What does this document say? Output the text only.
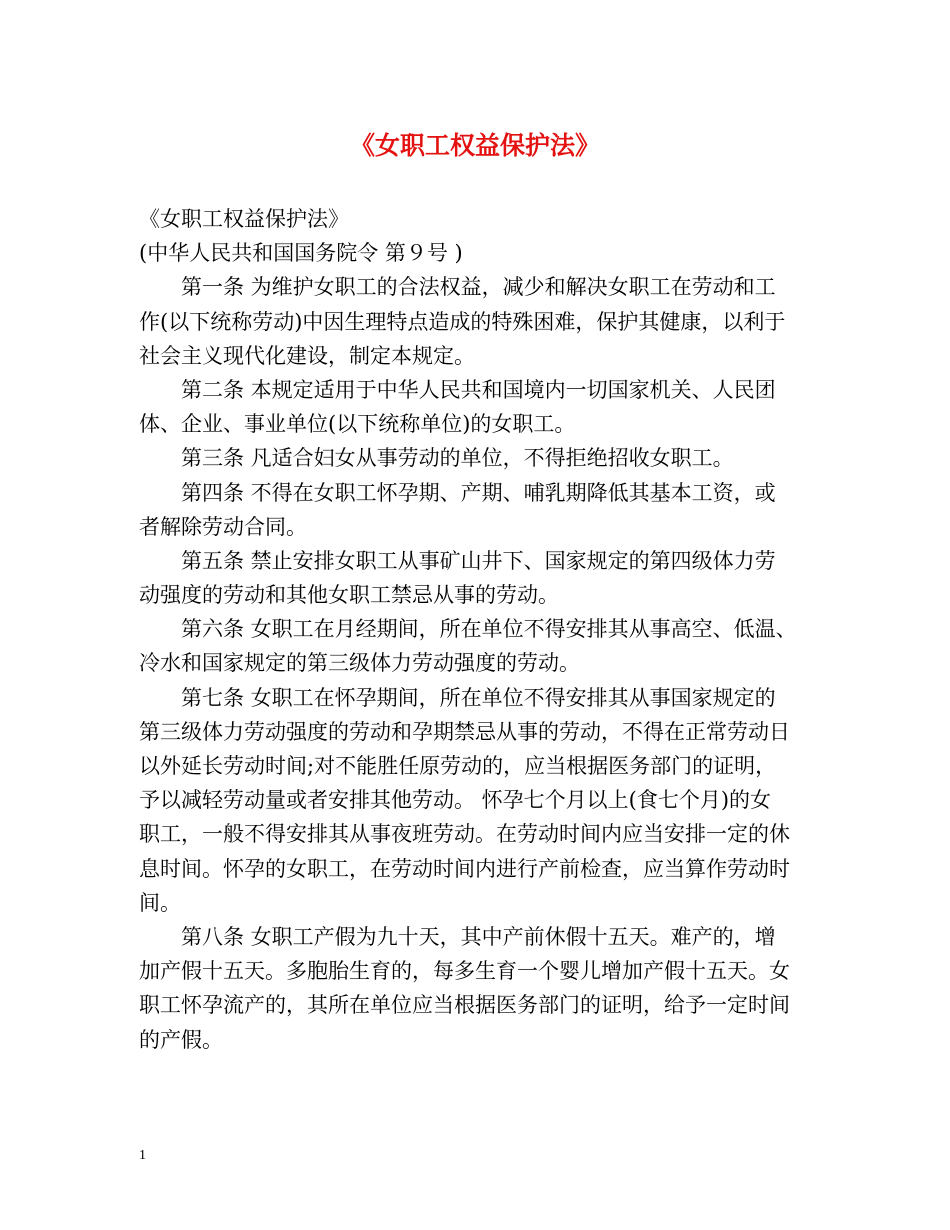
《女职工权益保护法》
《女职工权益保护法》
(中华人民共和国国务院令 第９号 )
第一条 为维护女职工的合法权益，减少和解决女职工在劳动和工
作(以下统称劳动)中因生理特点造成的特殊困难，保护其健康，以利于
社会主义现代化建设，制定本规定。
第二条 本规定适用于中华人民共和国境内一切国家机关、人民团
体、企业、事业单位(以下统称单位)的女职工。
第三条 凡适合妇女从事劳动的单位，不得拒绝招收女职工。
第四条 不得在女职工怀孕期、产期、哺乳期降低其基本工资，或
者解除劳动合同。
第五条 禁止安排女职工从事矿山井下、国家规定的第四级体力劳
动强度的劳动和其他女职工禁忌从事的劳动。
第六条 女职工在月经期间，所在单位不得安排其从事高空、低温、
冷水和国家规定的第三级体力劳动强度的劳动。
第七条 女职工在怀孕期间，所在单位不得安排其从事国家规定的
第三级体力劳动强度的劳动和孕期禁忌从事的劳动，不得在正常劳动日
以外延长劳动时间;对不能胜任原劳动的，应当根据医务部门的证明，
予以减轻劳动量或者安排其他劳动。 怀孕七个月以上(食七个月)的女
职工，一般不得安排其从事夜班劳动。在劳动时间内应当安排一定的休
息时间。怀孕的女职工，在劳动时间内进行产前检查，应当算作劳动时
间。
第八条 女职工产假为九十天，其中产前休假十五天。难产的，增
加产假十五天。多胞胎生育的，每多生育一个婴儿增加产假十五天。女
职工怀孕流产的，其所在单位应当根据医务部门的证明，给予一定时间
的产假。
1
